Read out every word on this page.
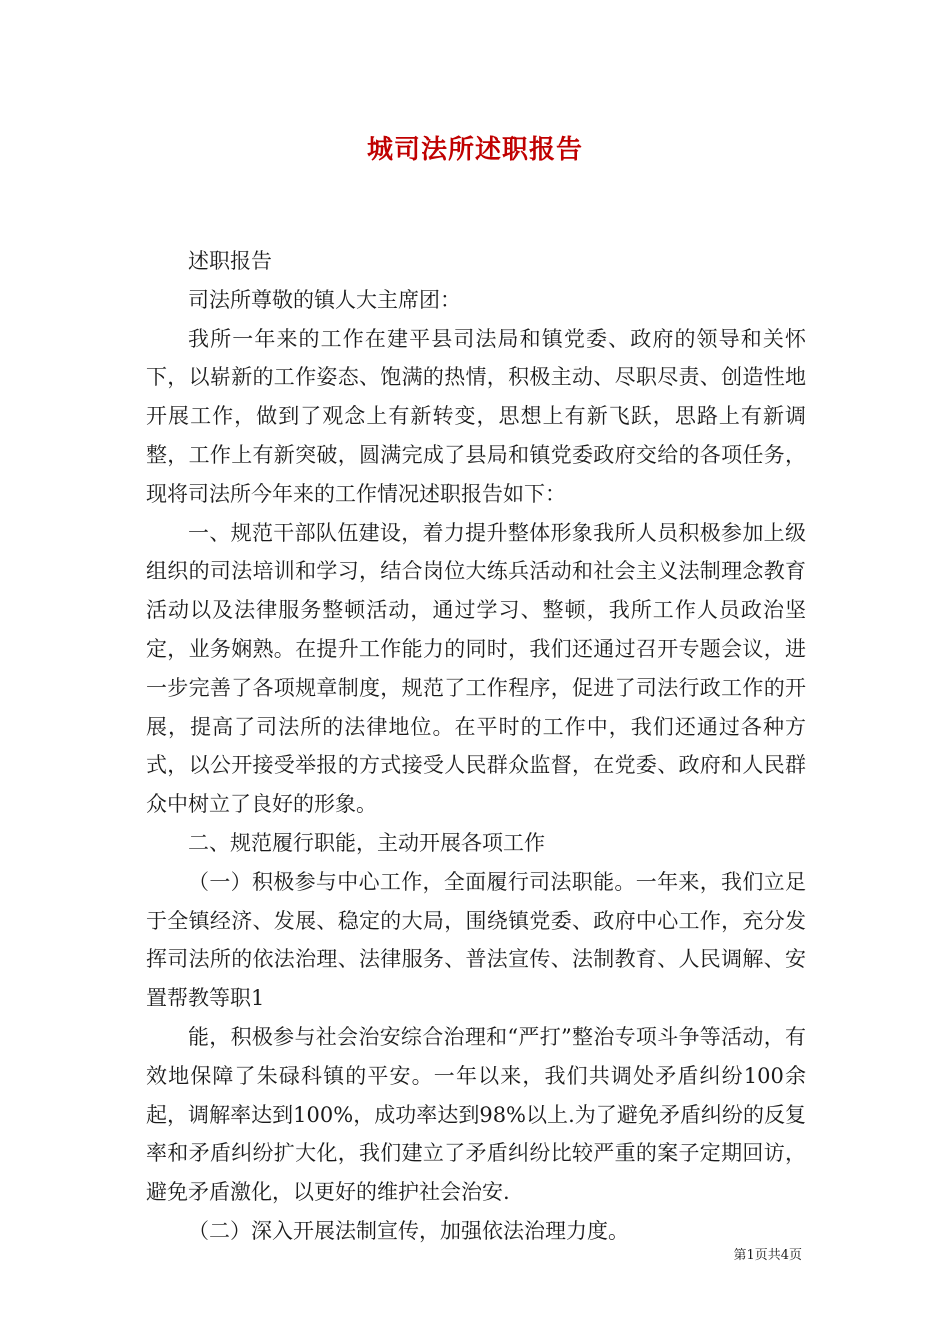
城司法所述职报告

述职报告

司法所尊敬的镇人大主席团：

我所一年来的工作在建平县司法局和镇党委、政府的领导和关怀下，以崭新的工作姿态、饱满的热情，积极主动、尽职尽责、创造性地开展工作，做到了观念上有新转变，思想上有新飞跃，思路上有新调整，工作上有新突破，圆满完成了县局和镇党委政府交给的各项任务，现将司法所今年来的工作情况述职报告如下：

一、规范干部队伍建设，着力提升整体形象我所人员积极参加上级组织的司法培训和学习，结合岗位大练兵活动和社会主义法制理念教育活动以及法律服务整顿活动，通过学习、整顿，我所工作人员政治坚定，业务娴熟。在提升工作能力的同时，我们还通过召开专题会议，进一步完善了各项规章制度，规范了工作程序，促进了司法行政工作的开展，提高了司法所的法律地位。在平时的工作中，我们还通过各种方式，以公开接受举报的方式接受人民群众监督，在党委、政府和人民群众中树立了良好的形象。

二、规范履行职能，主动开展各项工作

（一）积极参与中心工作，全面履行司法职能。一年来，我们立足于全镇经济、发展、稳定的大局，围绕镇党委、政府中心工作，充分发挥司法所的依法治理、法律服务、普法宣传、法制教育、人民调解、安置帮教等职1

能，积极参与社会治安综合治理和“严打”整治专项斗争等活动，有效地保障了朱碌科镇的平安。一年以来，我们共调处矛盾纠纷100余起，调解率达到100%，成功率达到98%以上.为了避免矛盾纠纷的反复率和矛盾纠纷扩大化，我们建立了矛盾纠纷比较严重的案子定期回访，避免矛盾激化，以更好的维护社会治安.

（二）深入开展法制宣传，加强依法治理力度。

第1页共4页
